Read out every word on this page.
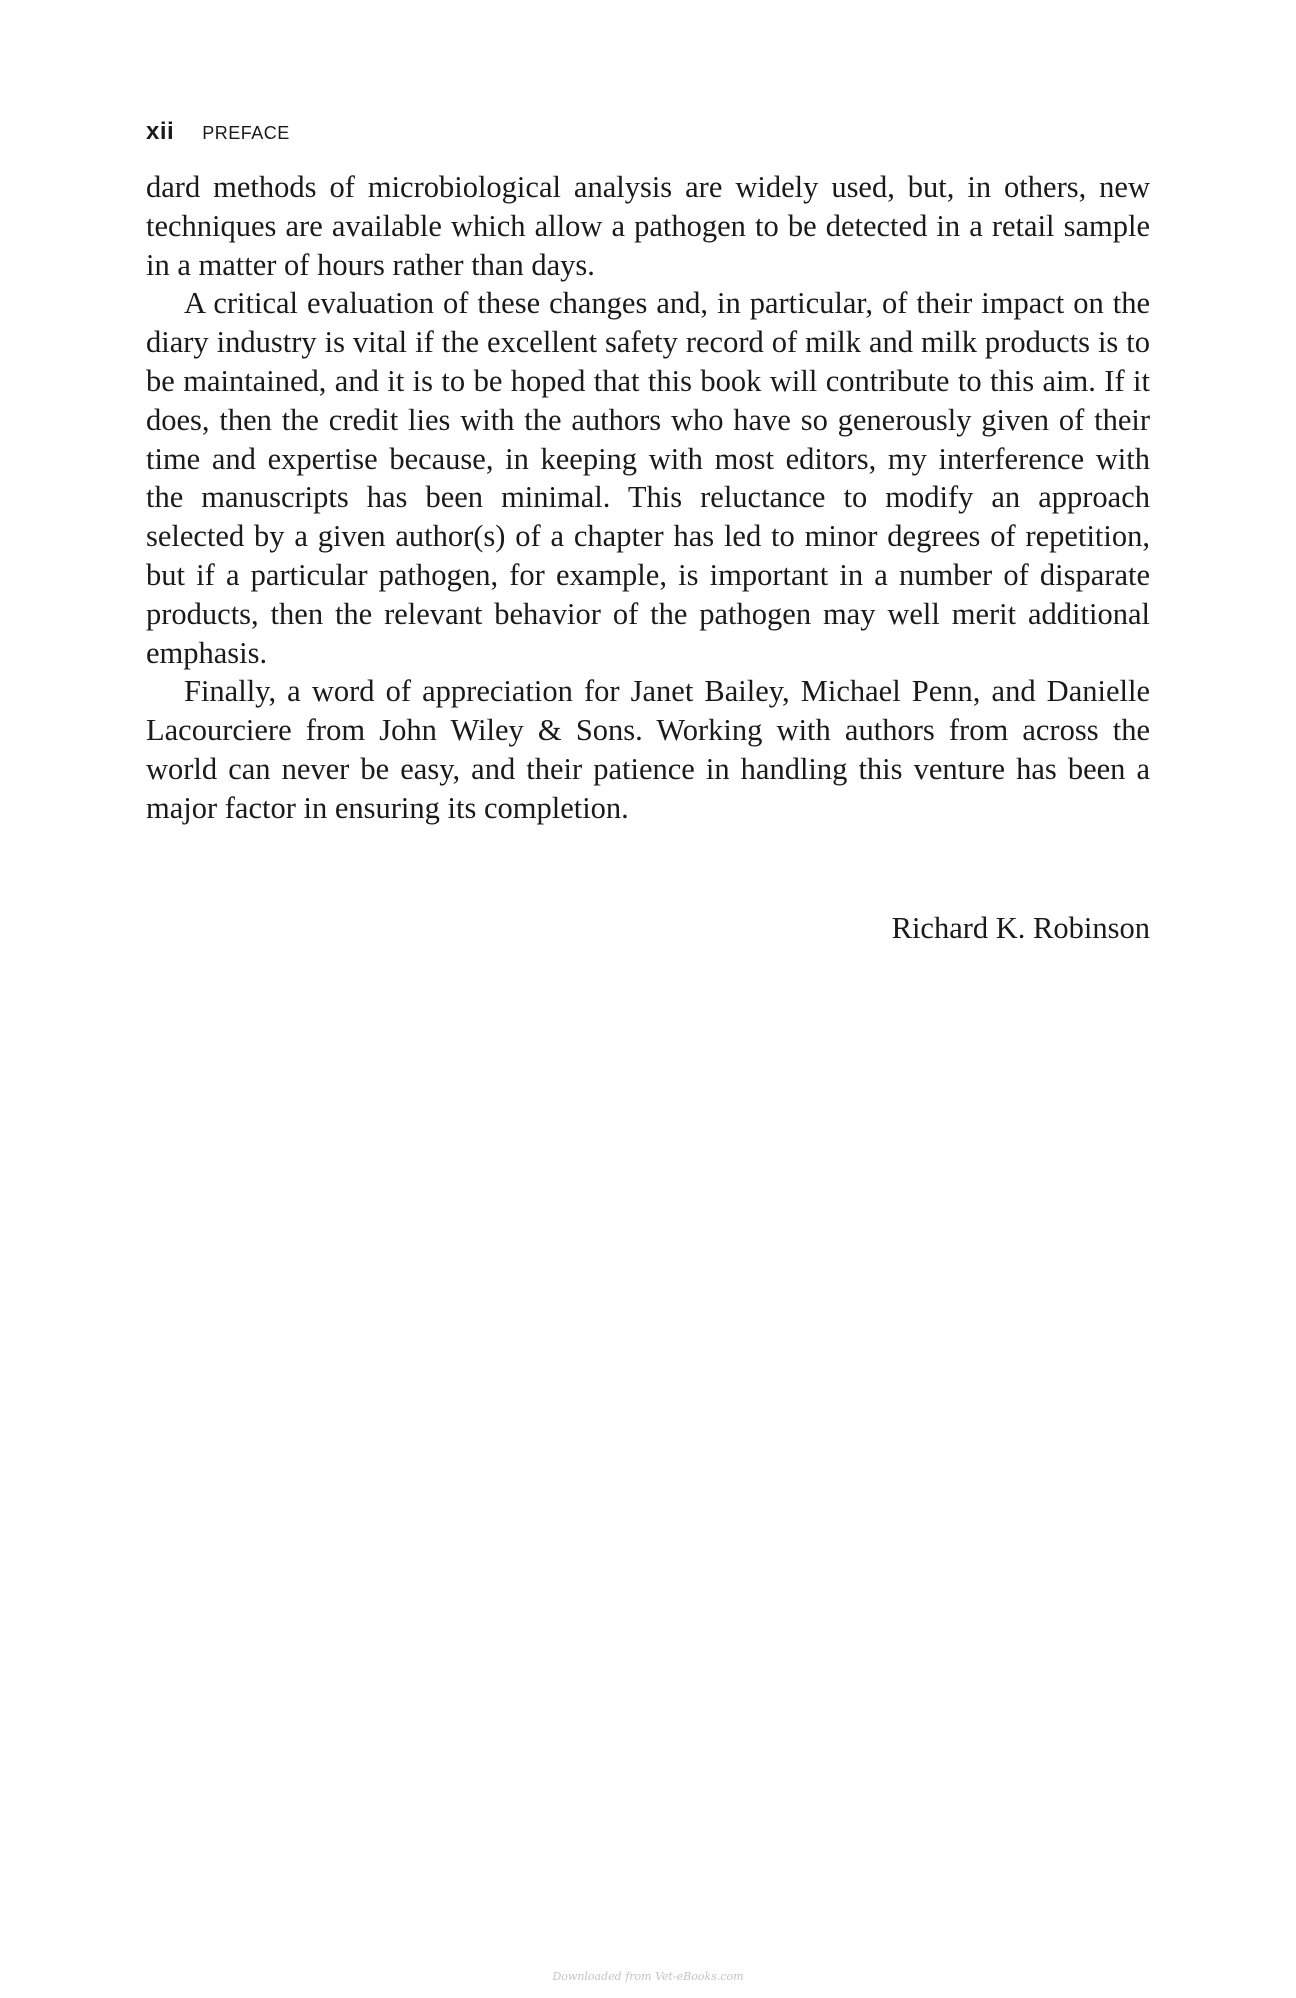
xii PREFACE

dard methods of microbiological analysis are widely used, but, in others, new techniques are available which allow a pathogen to be detected in a retail sample in a matter of hours rather than days.

A critical evaluation of these changes and, in particular, of their impact on the diary industry is vital if the excellent safety record of milk and milk products is to be maintained, and it is to be hoped that this book will contribute to this aim. If it does, then the credit lies with the authors who have so generously given of their time and expertise because, in keeping with most editors, my interference with the manuscripts has been minimal. This reluctance to modify an approach selected by a given author(s) of a chapter has led to minor degrees of repetition, but if a particular pathogen, for example, is important in a number of disparate products, then the relevant behavior of the pathogen may well merit additional emphasis.

Finally, a word of appreciation for Janet Bailey, Michael Penn, and Danielle Lacourciere from John Wiley & Sons. Working with authors from across the world can never be easy, and their patience in handling this venture has been a major factor in ensuring its completion.

Richard K. Robinson
Downloaded from Vet-eBooks.com
